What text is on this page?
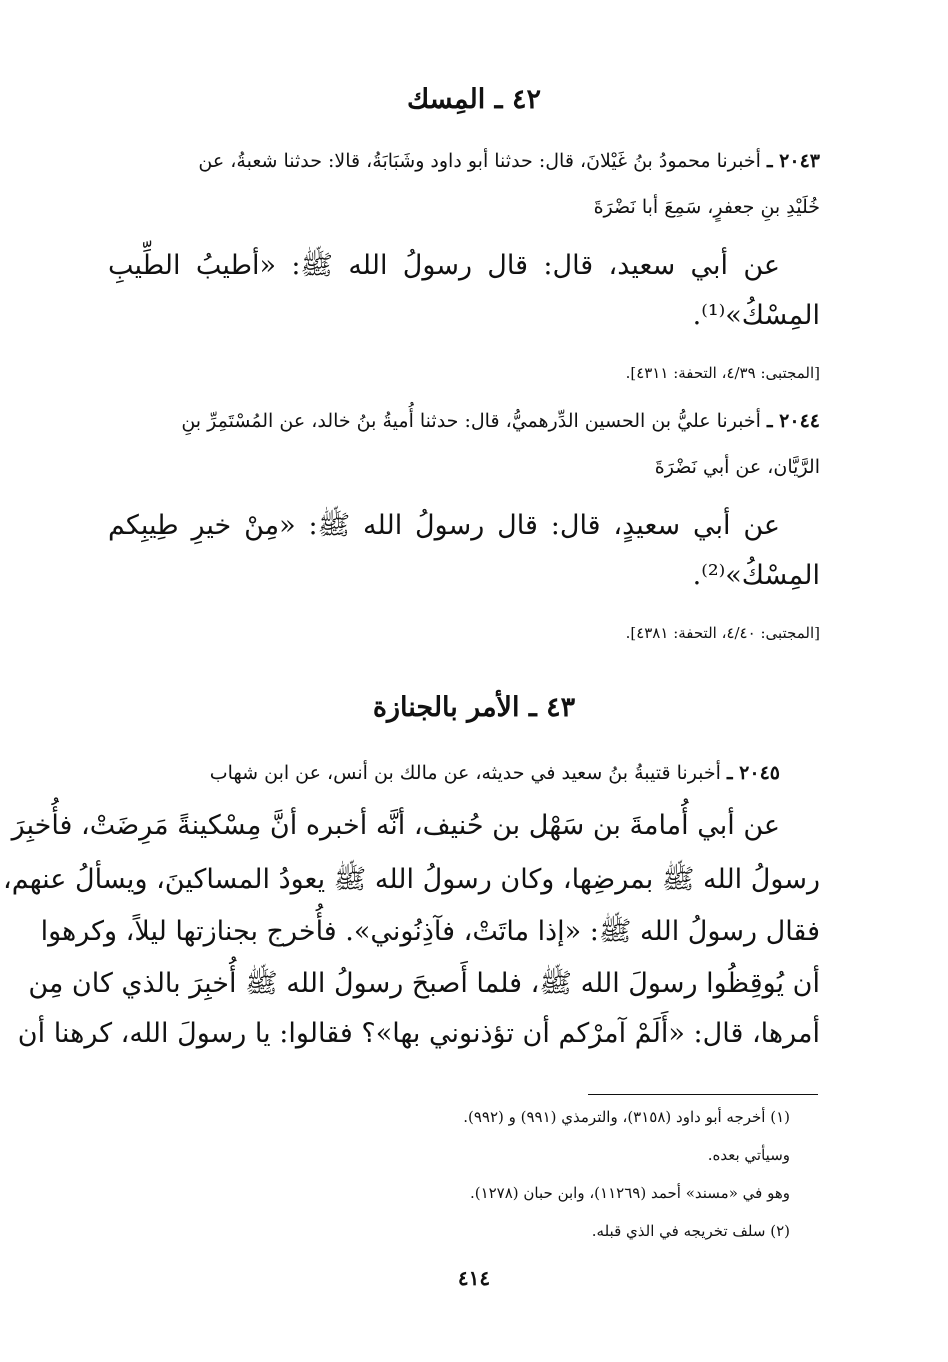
٤٢ ـ المِسك
٢٠٤٣ ـ أخبرنا محمودُ بنُ غَيْلانَ، قال: حدثنا أبو داود وشَبَابَةُ، قالا: حدثنا شعبةُ، عن
خُلَيْدِ بنِ جعفرٍ، سَمِعَ أبا نَضْرَةَ
عن أبي سعيد، قال: قال رسولُ الله ﷺ: «أطيبُ الطِّيبِ
المِسْكُ»⁽¹⁾.
[المجتبى: ٤/٣٩، التحفة: ٤٣١١].
٢٠٤٤ ـ أخبرنا عليُّ بن الحسين الدِّرهميُّ، قال: حدثنا أُميةُ بنُ خالد، عن المُسْتَمِرِّ بنِ
الرَّيَّان، عن أبي نَضْرَةَ
عن أبي سعيدٍ، قال: قال رسولُ الله ﷺ: «مِنْ خيرِ طِيبِكم
المِسْكُ»⁽²⁾.
[المجتبى: ٤/٤٠، التحفة: ٤٣٨١].
٤٣ ـ الأمر بالجنازة
٢٠٤٥ ـ أخبرنا قتيبةُ بنُ سعيد في حديثه، عن مالك بن أنس، عن ابن شهاب
عن أبي أُمامةَ بن سَهْل بن حُنيف، أنَّه أخبره أنَّ مِسْكينةً مَرِضَتْ، فأُخبِرَ
رسولُ الله ﷺ بمرضِها، وكان رسولُ الله ﷺ يعودُ المساكينَ، ويسألُ عنهم،
فقال رسولُ الله ﷺ: «إذا ماتَتْ، فآذِنُوني». فأُخرج بجنازتها ليلاً، وكرهوا
أن يُوقِظُوا رسولَ الله ﷺ، فلما أَصبحَ رسولُ الله ﷺ أُخبِرَ بالذي كان مِن
أمرها، قال: «أَلَمْ آمرْكم أن تؤذنوني بها»؟ فقالوا: يا رسولَ الله، كرهنا أن
(١) أخرجه أبو داود (٣١٥٨)، والترمذي (٩٩١) و (٩٩٢).
وسيأتي بعده.
وهو في «مسند» أحمد (١١٢٦٩)، وابن حبان (١٢٧٨).
(٢) سلف تخريجه في الذي قبله.
٤١٤
